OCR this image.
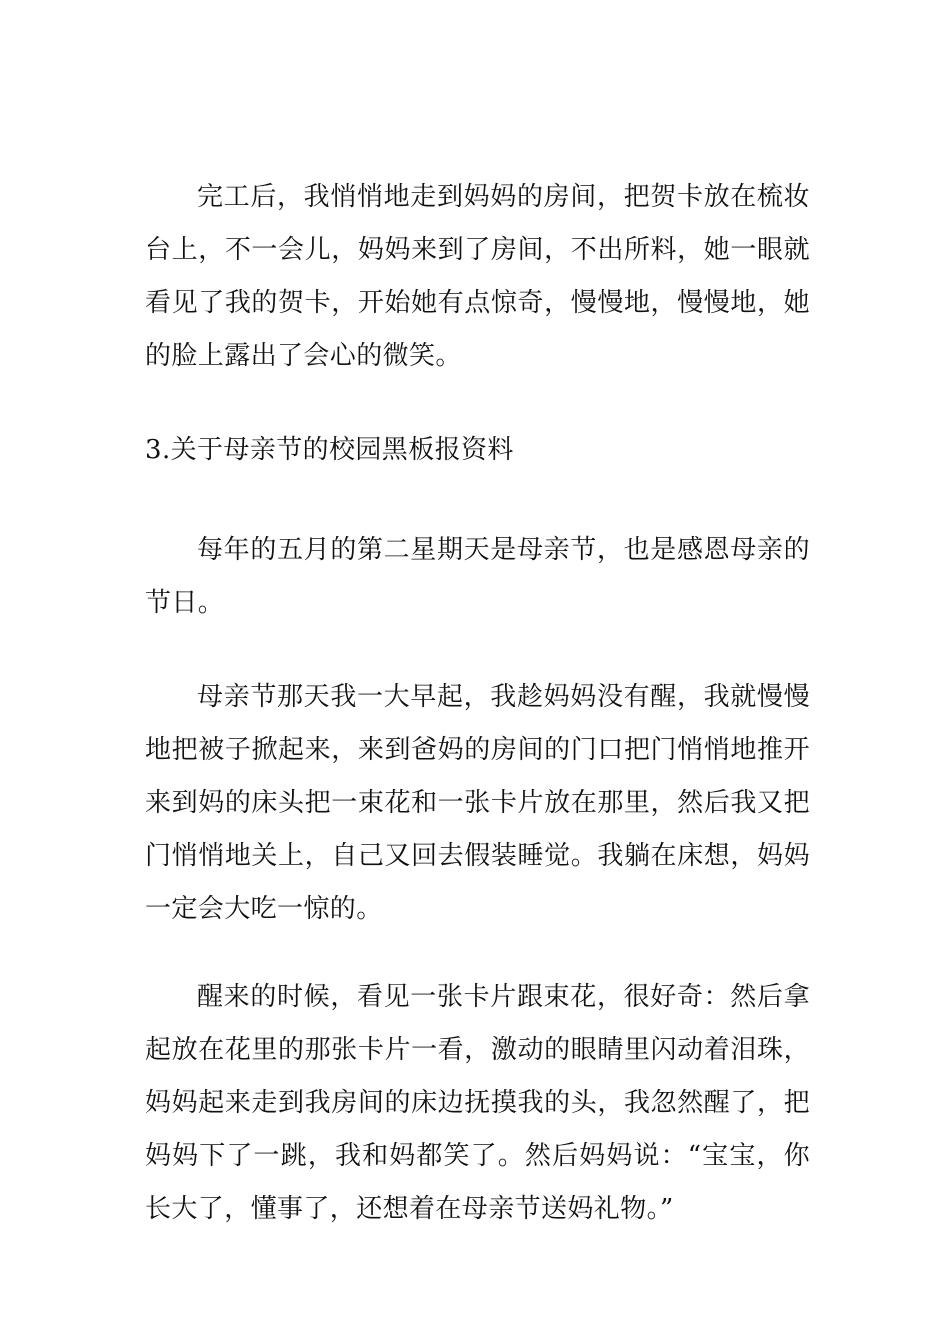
完工后，我悄悄地走到妈妈的房间，把贺卡放在梳妆台上，不一会儿，妈妈来到了房间，不出所料，她一眼就看见了我的贺卡，开始她有点惊奇，慢慢地，慢慢地，她的脸上露出了会心的微笑。

3.关于母亲节的校园黑板报资料

每年的五月的第二星期天是母亲节，也是感恩母亲的节日。

母亲节那天我一大早起，我趁妈妈没有醒，我就慢慢地把被子掀起来，来到爸妈的房间的门口把门悄悄地推开来到妈的床头把一束花和一张卡片放在那里，然后我又把门悄悄地关上，自己又回去假装睡觉。我躺在床想，妈妈一定会大吃一惊的。

醒来的时候，看见一张卡片跟束花，很好奇：然后拿起放在花里的那张卡片一看，激动的眼睛里闪动着泪珠，妈妈起来走到我房间的床边抚摸我的头，我忽然醒了，把妈妈下了一跳，我和妈都笑了。然后妈妈说：“宝宝，你长大了，懂事了，还想着在母亲节送妈礼物。”
